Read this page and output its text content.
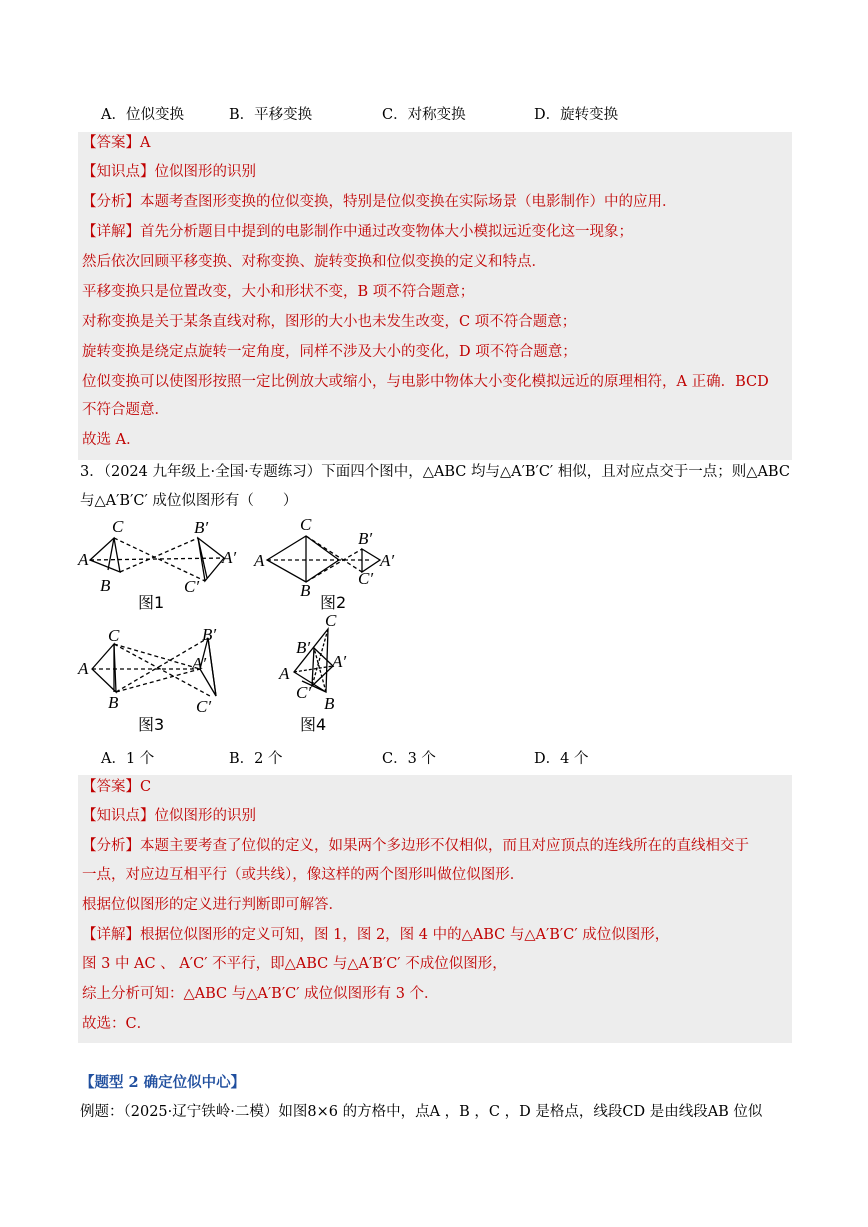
A．位似变换	B．平移变换	C．对称变换	D．旋转变换
【答案】A
【知识点】位似图形的识别
【分析】本题考查图形变换的位似变换，特别是位似变换在实际场景（电影制作）中的应用．
【详解】首先分析题目中提到的电影制作中通过改变物体大小模拟远近变化这一现象；
然后依次回顾平移变换、对称变换、旋转变换和位似变换的定义和特点．
平移变换只是位置改变，大小和形状不变，B 项不符合题意；
对称变换是关于某条直线对称，图形的大小也未发生改变，C 项不符合题意；
旋转变换是绕定点旋转一定角度，同样不涉及大小的变化，D 项不符合题意；
位似变换可以使图形按照一定比例放大或缩小，与电影中物体大小变化模拟远近的原理相符，A 正确．BCD
不符合题意．
故选 A．
3．（2024 九年级上·全国·专题练习）下面四个图中，△ABC 均与△A′B′C′ 相似，且对应点交于一点；则△ABC
与△A′B′C′ 成位似图形有（　　）
A
C
B
B′
A′
C′
图1
A
C
B
B′
A′
C′
图2
A
C
B
B′
A′
C′
图3
C
B′
A′
A
C′
B
图4
A．1 个	B．2 个	C．3 个	D．4 个
【答案】C
【知识点】位似图形的识别
【分析】本题主要考查了位似的定义，如果两个多边形不仅相似，而且对应顶点的连线所在的直线相交于
一点，对应边互相平行（或共线），像这样的两个图形叫做位似图形．
根据位似图形的定义进行判断即可解答．
【详解】根据位似图形的定义可知，图 1，图 2，图 4 中的△ABC 与△A′B′C′ 成位似图形，
图 3 中 AC 、 A′C′ 不平行，即△ABC 与△A′B′C′ 不成位似图形，
综上分析可知：△ABC 与△A′B′C′ 成位似图形有 3 个．
故选：C．
【题型 2 确定位似中心】
例题：（2025·辽宁铁岭·二模）如图8×6 的方格中，点A ，B ，C ，D 是格点，线段CD 是由线段AB 位似
